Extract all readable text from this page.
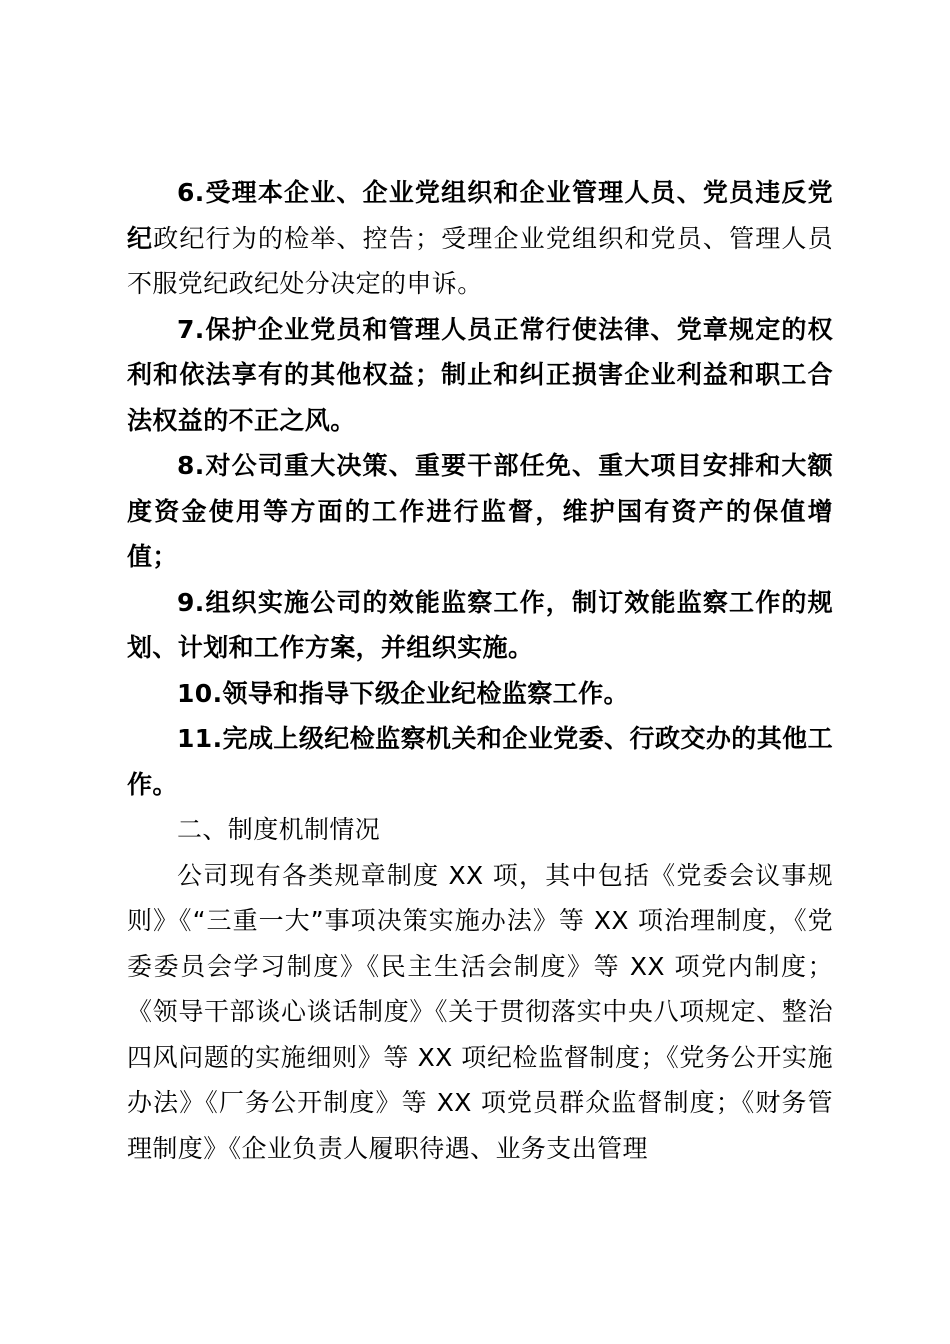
6.受理本企业、企业党组织和企业管理人员、党员违反党纪政纪行为的检举、控告；受理企业党组织和党员、管理人员不服党纪政纪处分决定的申诉。

7.保护企业党员和管理人员正常行使法律、党章规定的权利和依法享有的其他权益；制止和纠正损害企业利益和职工合法权益的不正之风。

8.对公司重大决策、重要干部任免、重大项目安排和大额度资金使用等方面的工作进行监督，维护国有资产的保值增值；

9.组织实施公司的效能监察工作，制订效能监察工作的规划、计划和工作方案，并组织实施。

10.领导和指导下级企业纪检监察工作。

11.完成上级纪检监察机关和企业党委、行政交办的其他工作。

二、制度机制情况

公司现有各类规章制度 XX 项，其中包括《党委会议事规则》《“三重一大”事项决策实施办法》等 XX 项治理制度，《党委委员会学习制度》《民主生活会制度》等 XX 项党内制度；《领导干部谈心谈话制度》《关于贯彻落实中央八项规定、整治四风问题的实施细则》等 XX 项纪检监督制度；《党务公开实施办法》《厂务公开制度》等 XX 项党员群众监督制度；《财务管理制度》《企业负责人履职待遇、业务支出管理
